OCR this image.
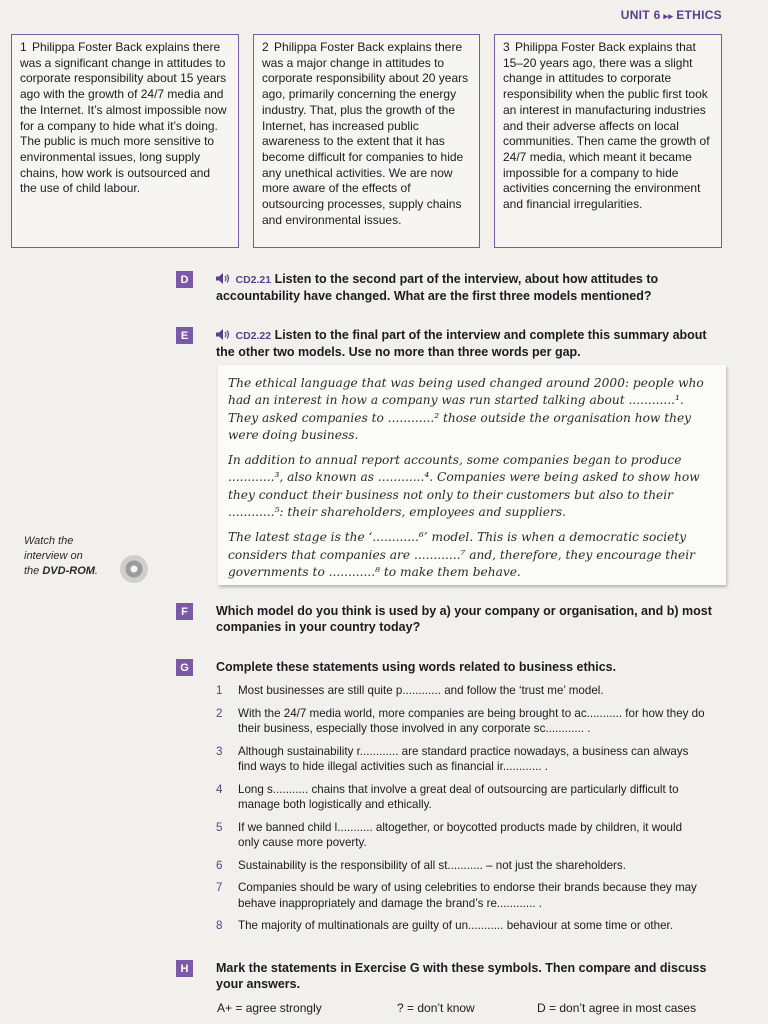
UNIT 6 ▸▸ ETHICS
1 Philippa Foster Back explains there was a significant change in attitudes to corporate responsibility about 15 years ago with the growth of 24/7 media and the Internet. It’s almost impossible now for a company to hide what it’s doing. The public is much more sensitive to environmental issues, long supply chains, how work is outsourced and the use of child labour.
2 Philippa Foster Back explains there was a major change in attitudes to corporate responsibility about 20 years ago, primarily concerning the energy industry. That, plus the growth of the Internet, has increased public awareness to the extent that it has become difficult for companies to hide any unethical activities. We are now more aware of the effects of outsourcing processes, supply chains and environmental issues.
3 Philippa Foster Back explains that 15–20 years ago, there was a slight change in attitudes to corporate responsibility when the public first took an interest in manufacturing industries and their adverse affects on local communities. Then came the growth of 24/7 media, which meant it became impossible for a company to hide activities concerning the environment and financial irregularities.
D	CD2.21 Listen to the second part of the interview, about how attitudes to accountability have changed. What are the first three models mentioned?
E	CD2.22 Listen to the final part of the interview and complete this summary about the other two models. Use no more than three words per gap.

The ethical language that was being used changed around 2000: people who had an interest in how a company was run started talking about ............¹. They asked companies to ............² those outside the organisation how they were doing business.

In addition to annual report accounts, some companies began to produce ............³, also known as ............⁴. Companies were being asked to show how they conduct their business not only to their customers but also to their ............⁵: their shareholders, employees and suppliers.

The latest stage is the ‘............⁶’ model. This is when a democratic society considers that companies are ............⁷ and, therefore, they encourage their governments to ............⁸ to make them behave.

Watch the interview on
the DVD-ROM.
F	Which model do you think is used by a) your company or organisation, and b) most companies in your country today?
G	Complete these statements using words related to business ethics.
1	Most businesses are still quite p............ and follow the ‘trust me’ model.
2	With the 24/7 media world, more companies are being brought to ac........... for how they do their business, especially those involved in any corporate sc............ .
3	Although sustainability r............ are standard practice nowadays, a business can always find ways to hide illegal activities such as financial ir............ .
4	Long s........... chains that involve a great deal of outsourcing are particularly difficult to manage both logistically and ethically.
5	If we banned child l........... altogether, or boycotted products made by children, it would only cause more poverty.
6	Sustainability is the responsibility of all st........... – not just the shareholders.
7	Companies should be wary of using celebrities to endorse their brands because they may behave inappropriately and damage the brand’s re............ .
8	The majority of multinationals are guilty of un........... behaviour at some time or other.
H	Mark the statements in Exercise G with these symbols. Then compare and discuss your answers.
A+ = agree strongly	? = don’t know	D = don’t agree in most cases
